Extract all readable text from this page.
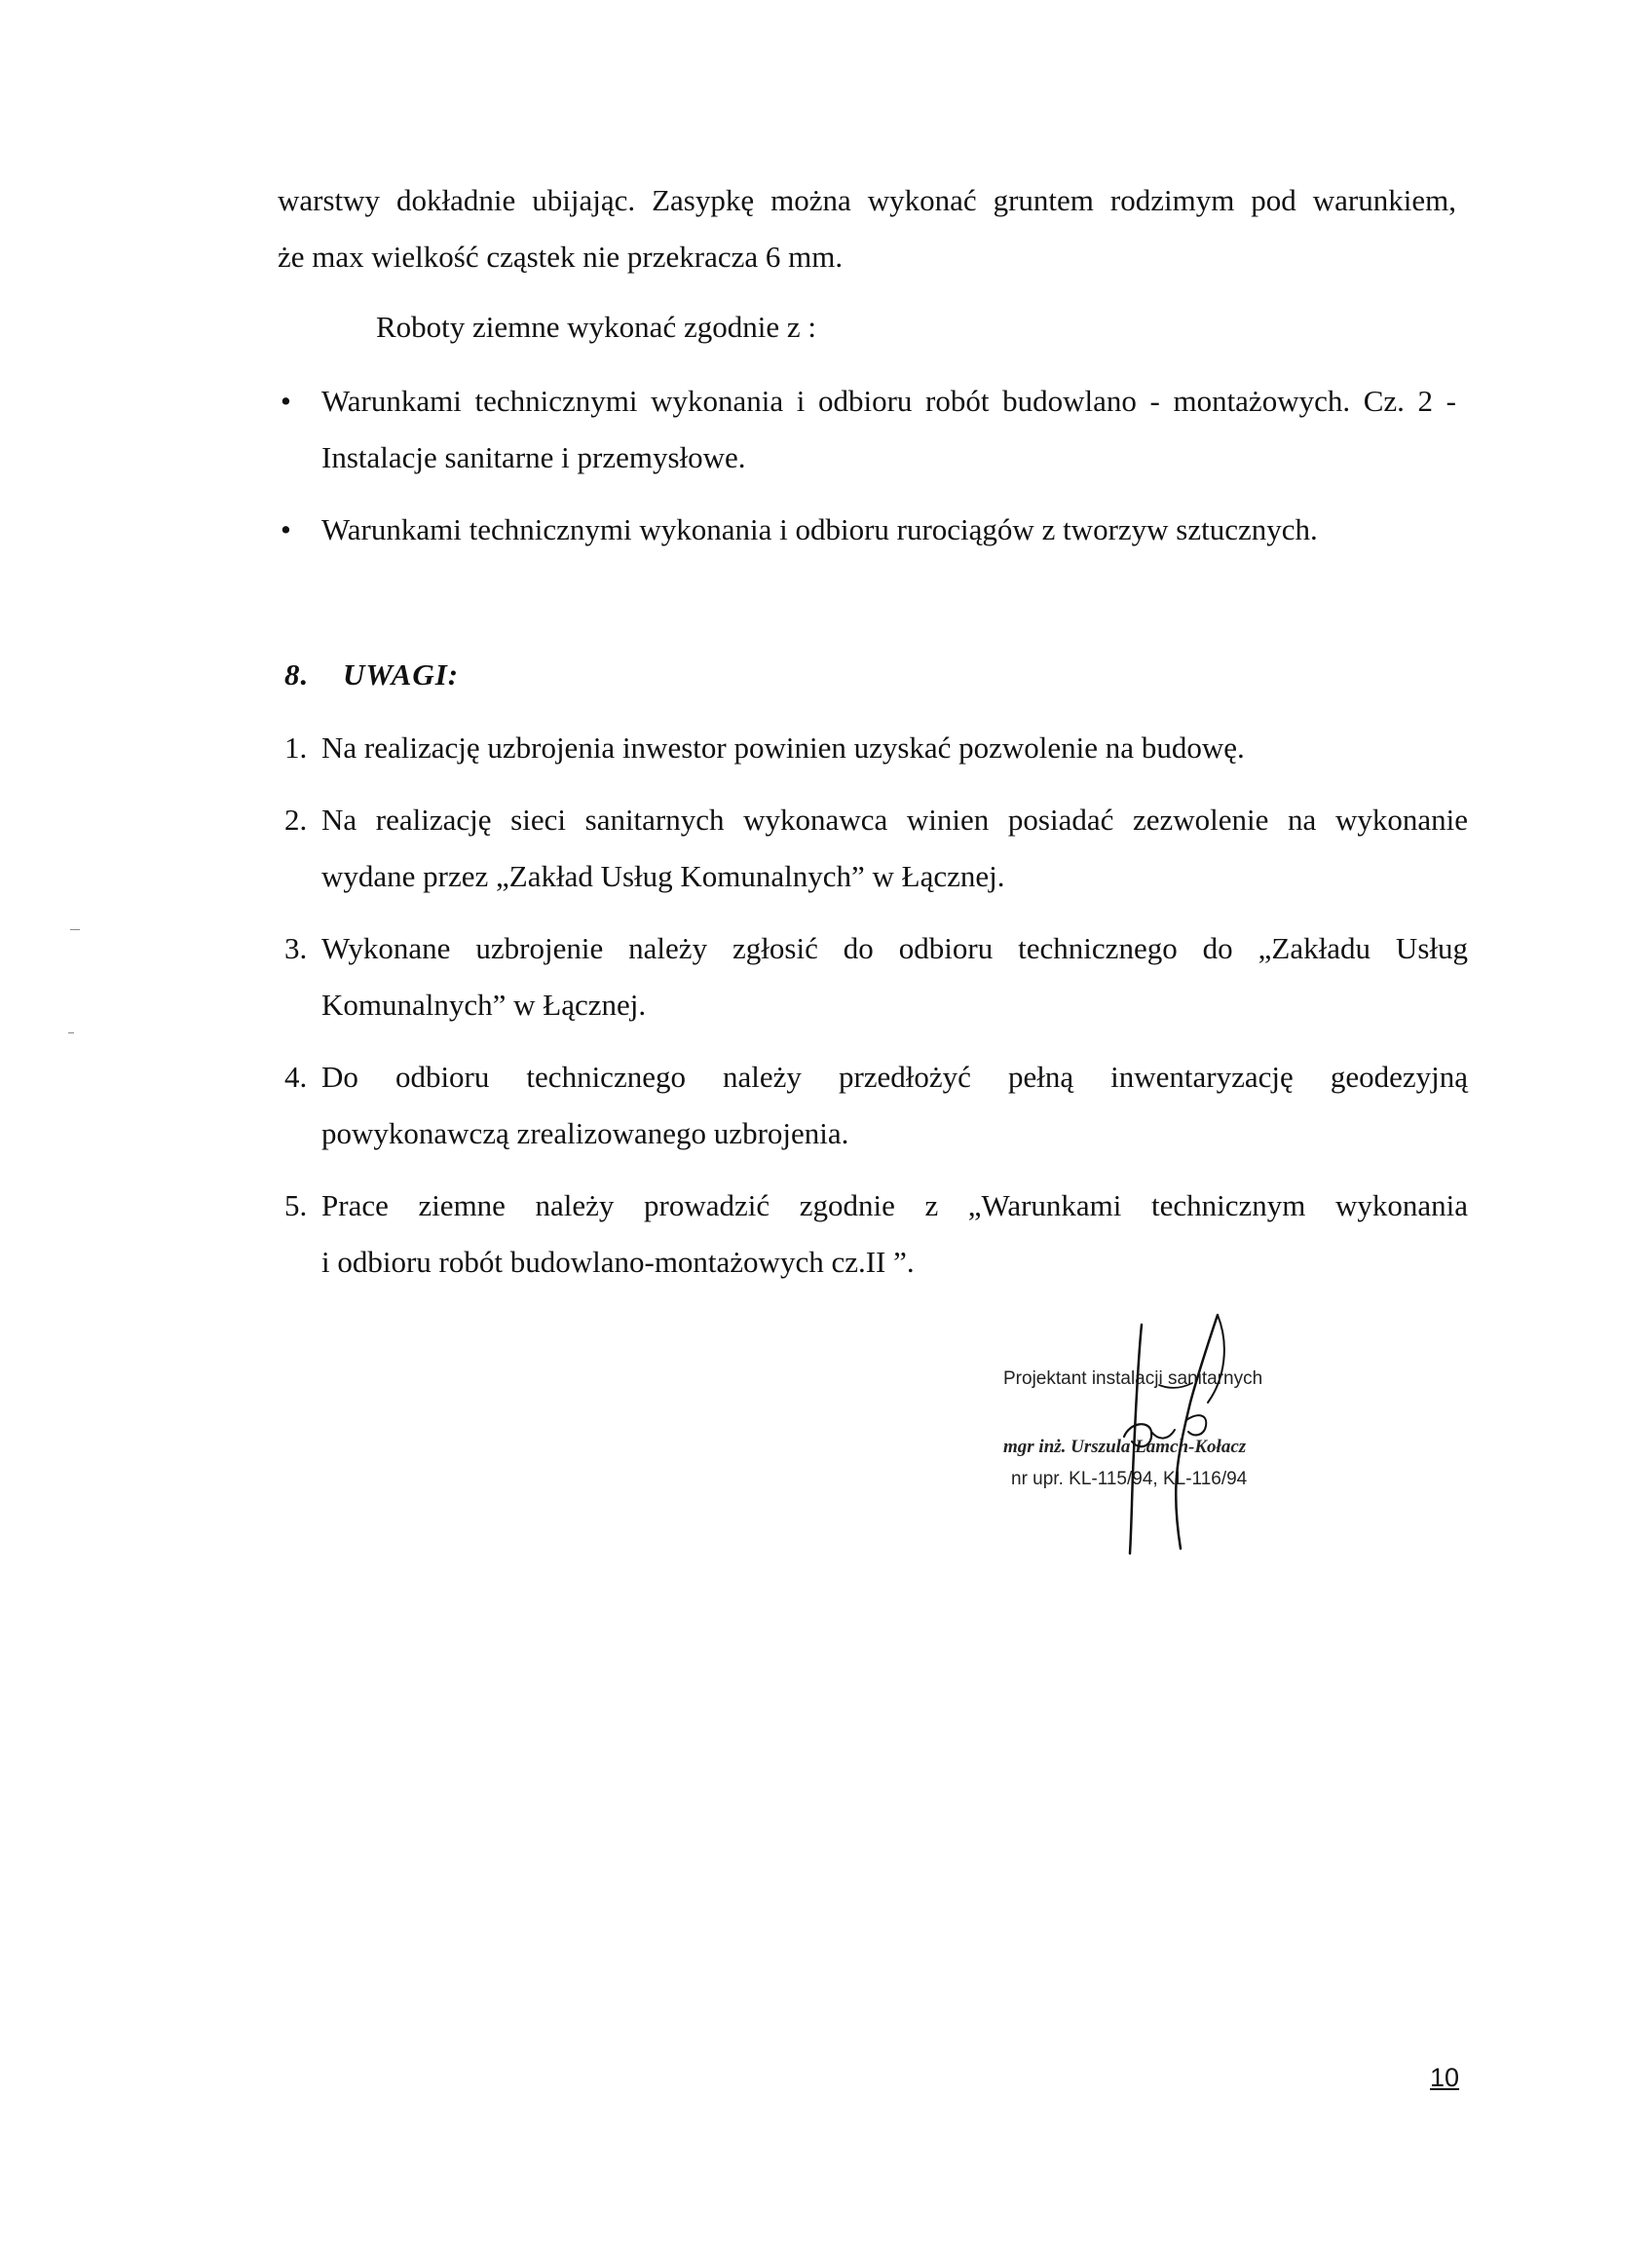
warstwy dokładnie ubijając. Zasypkę można wykonać gruntem rodzimym pod warunkiem,
że max wielkość cząstek nie przekracza 6 mm.
Roboty ziemne wykonać zgodnie z :
• Warunkami technicznymi wykonania i odbioru robót budowlano - montażowych. Cz. 2 -
Instalacje sanitarne i przemysłowe.
• Warunkami technicznymi wykonania i odbioru rurociągów z tworzyw sztucznych.
8. UWAGI:
1. Na realizację uzbrojenia inwestor powinien uzyskać pozwolenie na budowę.
2. Na realizację sieci sanitarnych wykonawca winien posiadać zezwolenie na wykonanie
wydane przez „Zakład Usług Komunalnych” w Łącznej.
3. Wykonane uzbrojenie należy zgłosić do odbioru technicznego do „Zakładu Usług
Komunalnych” w Łącznej.
4. Do odbioru technicznego należy przedłożyć pełną inwentaryzację geodezyjną
powykonawczą zrealizowanego uzbrojenia.
5. Prace ziemne należy prowadzić zgodnie z „Warunkami technicznym wykonania
i odbioru robót budowlano-montażowych cz.II ”.
Projektant instalacji sanitarnych
mgr inż. Urszula Lamch-Kołacz
nr upr. KL-115/94, KL-116/94
10
